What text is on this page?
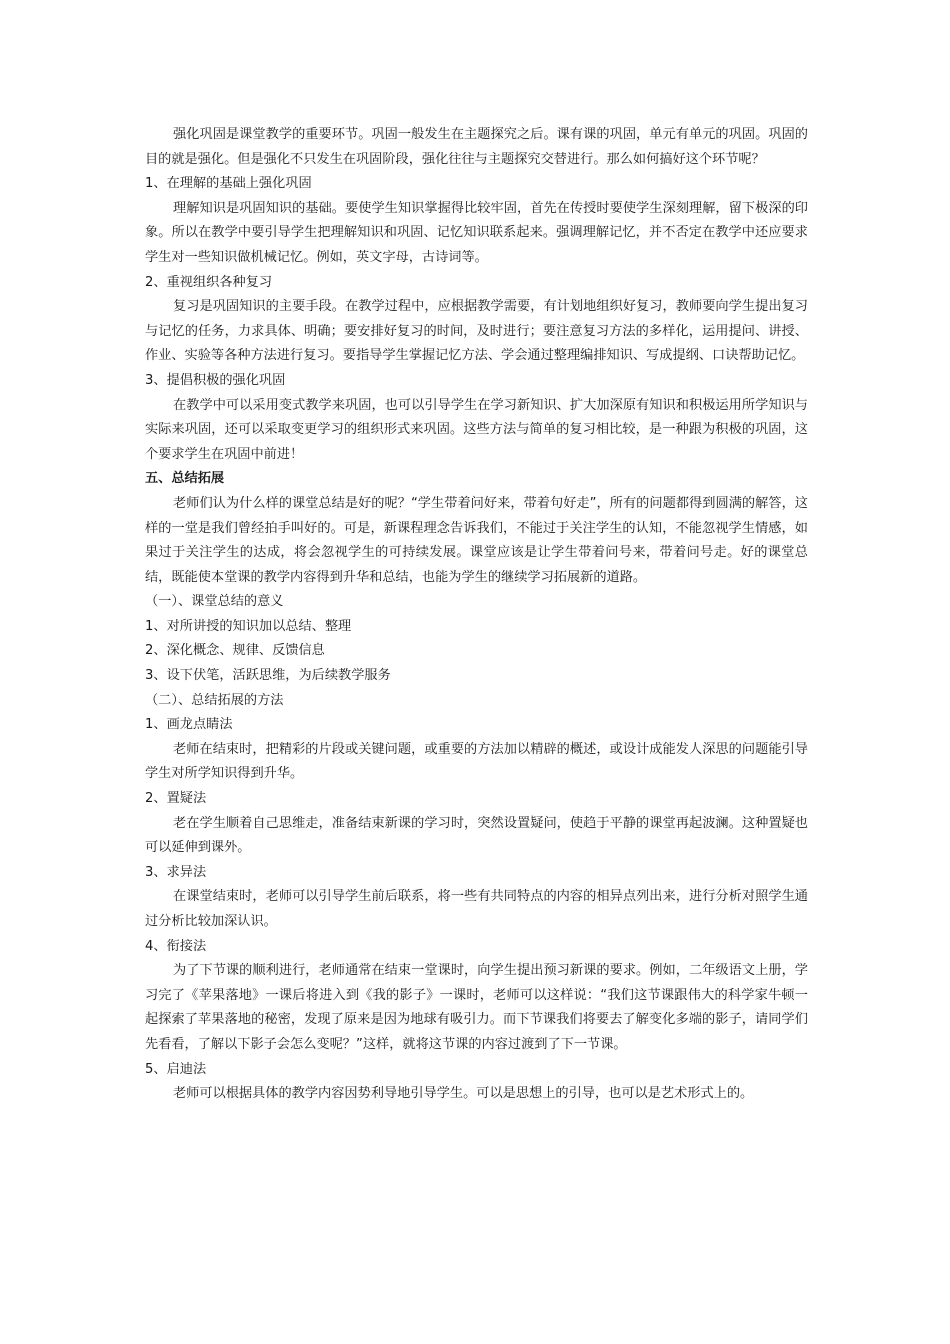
强化巩固是课堂教学的重要环节。巩固一般发生在主题探究之后。课有课的巩固，单元有单元的巩固。巩固的目的就是强化。但是强化不只发生在巩固阶段，强化往往与主题探究交替进行。那么如何搞好这个环节呢？

1、在理解的基础上强化巩固

理解知识是巩固知识的基础。要使学生知识掌握得比较牢固，首先在传授时要使学生深刻理解，留下极深的印象。所以在教学中要引导学生把理解知识和巩固、记忆知识联系起来。强调理解记忆，并不否定在教学中还应要求学生对一些知识做机械记忆。例如，英文字母，古诗词等。

2、重视组织各种复习

复习是巩固知识的主要手段。在教学过程中，应根据教学需要，有计划地组织好复习，教师要向学生提出复习与记忆的任务，力求具体、明确；要安排好复习的时间，及时进行；要注意复习方法的多样化，运用提问、讲授、作业、实验等各种方法进行复习。要指导学生掌握记忆方法、学会通过整理编排知识、写成提纲、口诀帮助记忆。

3、提倡积极的强化巩固

在教学中可以采用变式教学来巩固，也可以引导学生在学习新知识、扩大加深原有知识和积极运用所学知识与实际来巩固，还可以采取变更学习的组织形式来巩固。这些方法与简单的复习相比较，是一种跟为积极的巩固，这个要求学生在巩固中前进！

五、总结拓展

老师们认为什么样的课堂总结是好的呢？“学生带着问好来，带着句好走”，所有的问题都得到圆满的解答，这样的一堂是我们曾经拍手叫好的。可是，新课程理念告诉我们，不能过于关注学生的认知，不能忽视学生情感，如果过于关注学生的达成，将会忽视学生的可持续发展。课堂应该是让学生带着问号来，带着问号走。好的课堂总结，既能使本堂课的教学内容得到升华和总结，也能为学生的继续学习拓展新的道路。

（一）、课堂总结的意义

1、对所讲授的知识加以总结、整理

2、深化概念、规律、反馈信息

3、设下伏笔，活跃思维，为后续教学服务

（二）、总结拓展的方法

1、画龙点睛法

老师在结束时，把精彩的片段或关键问题，或重要的方法加以精辟的概述，或设计成能发人深思的问题能引导学生对所学知识得到升华。

2、置疑法

老在学生顺着自己思维走，准备结束新课的学习时，突然设置疑问，使趋于平静的课堂再起波澜。这种置疑也可以延伸到课外。

3、求异法

在课堂结束时，老师可以引导学生前后联系，将一些有共同特点的内容的相异点列出来，进行分析对照学生通过分析比较加深认识。

4、衔接法

为了下节课的顺利进行，老师通常在结束一堂课时，向学生提出预习新课的要求。例如，二年级语文上册，学习完了《苹果落地》一课后将进入到《我的影子》一课时，老师可以这样说：“我们这节课跟伟大的科学家牛顿一起探索了苹果落地的秘密，发现了原来是因为地球有吸引力。而下节课我们将要去了解变化多端的影子，请同学们先看看，了解以下影子会怎么变呢？”这样，就将这节课的内容过渡到了下一节课。

5、启迪法

老师可以根据具体的教学内容因势利导地引导学生。可以是思想上的引导，也可以是艺术形式上的。
